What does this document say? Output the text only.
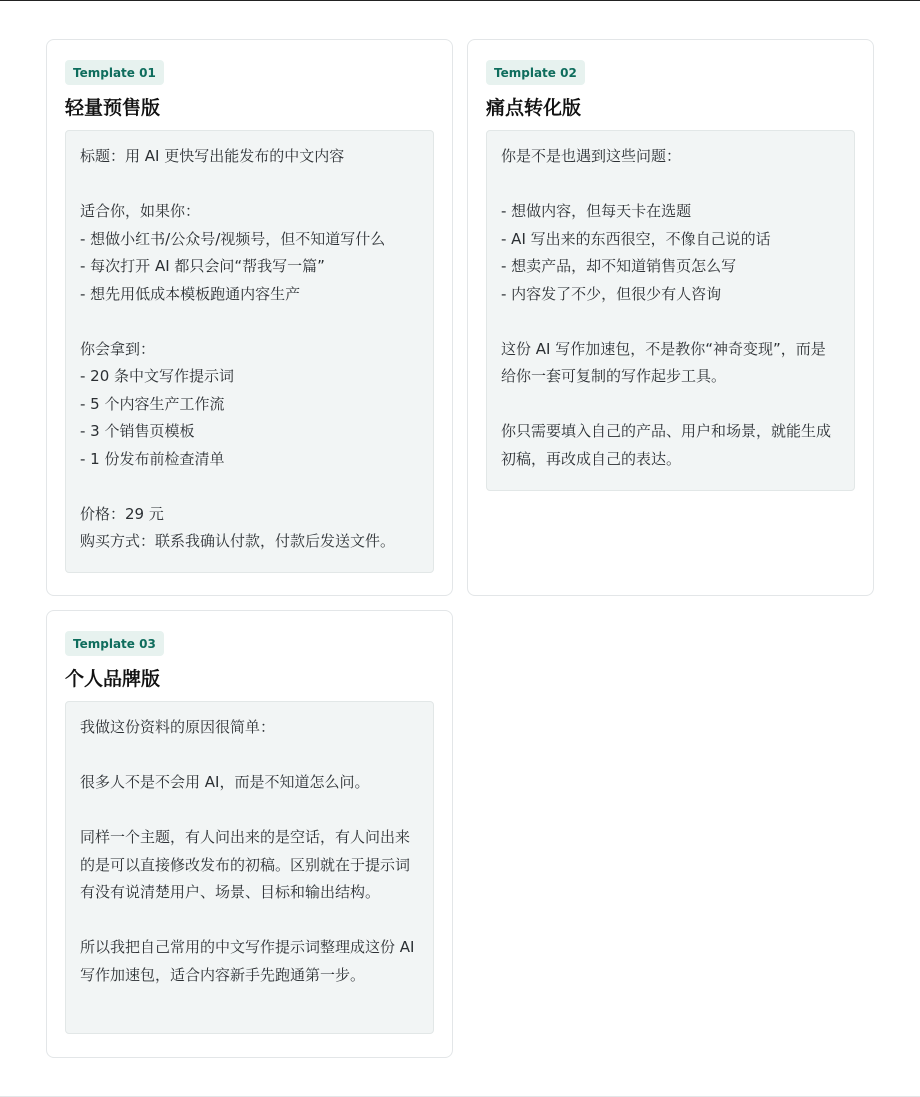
Template 01
轻量预售版
标题：用 AI 更快写出能发布的中文内容

适合你，如果你：
- 想做小红书/公众号/视频号，但不知道写什么
- 每次打开 AI 都只会问“帮我写一篇”
- 想先用低成本模板跑通内容生产

你会拿到：
- 20 条中文写作提示词
- 5 个内容生产工作流
- 3 个销售页模板
- 1 份发布前检查清单

价格：29 元
购买方式：联系我确认付款，付款后发送文件。
Template 02
痛点转化版
你是不是也遇到这些问题：

- 想做内容，但每天卡在选题
- AI 写出来的东西很空，不像自己说的话
- 想卖产品，却不知道销售页怎么写
- 内容发了不少，但很少有人咨询

这份 AI 写作加速包，不是教你“神奇变现”，而是给你一套可复制的写作起步工具。

你只需要填入自己的产品、用户和场景，就能生成初稿，再改成自己的表达。
Template 03
个人品牌版
我做这份资料的原因很简单：

很多人不是不会用 AI，而是不知道怎么问。

同样一个主题，有人问出来的是空话，有人问出来的是可以直接修改发布的初稿。区别就在于提示词有没有说清楚用户、场景、目标和输出结构。

所以我把自己常用的中文写作提示词整理成这份 AI 写作加速包，适合内容新手先跑通第一步。
